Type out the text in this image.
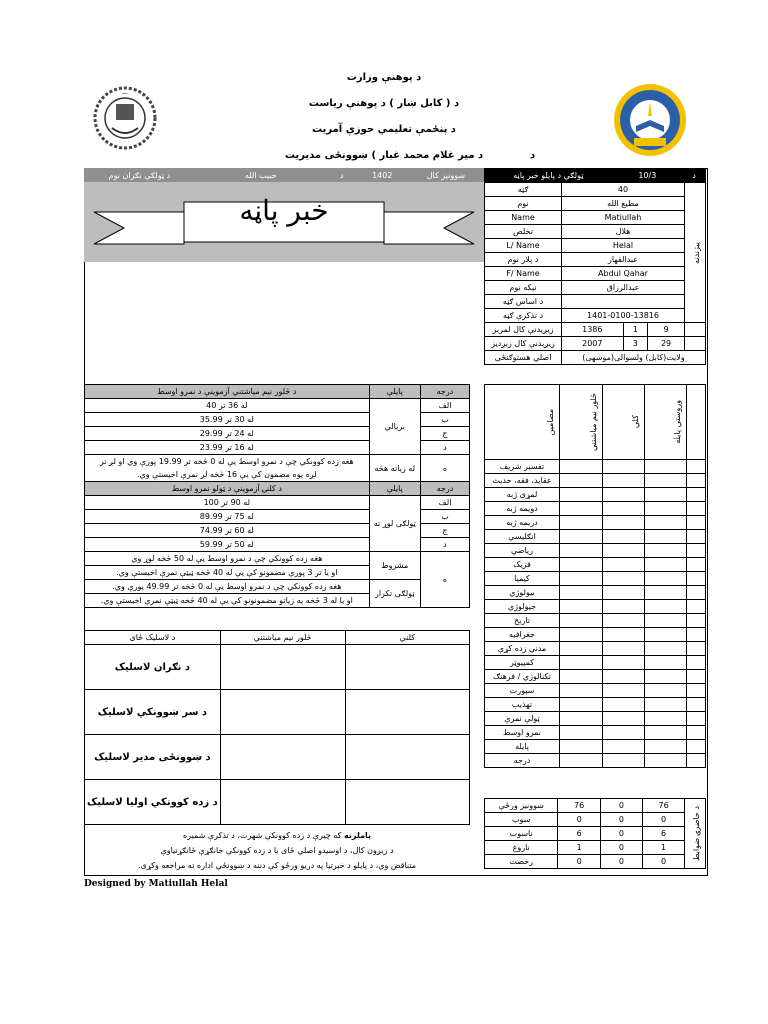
د پوهنې وزارت
د ( کابل ښار ) د پوهنې رياست
د پنځمې تعليمي حوزې آمريت
د مير غلام محمد غبار ) ښوونځی مديريت	د
ـــ
د ټولګې نګران نوم	حبيب الله	د	1402	ښوونيز کال
خبر پاڼه
ټولګي د پايلو خبر پاڼه	10/3	د
ګڼه	40			پيژندنه

نوم	مطيع الله			
Name	Matiullah			
تخلص	هلال			
L/ Name	Helal			
د پلار نوم	عبدالقهار			
F/ Name	Abdul Qahar			
نيکه نوم	عبدالرزاق			
د اساس ګڼه				
د تذکرې ګڼه	1401-0100-13816			
زيږيدنې کال لمريز	1386	1	9	
زيږيدنې کال زيږديز	2007	3	29	
اصلي هستوګنځی	ولايت(کابل) ولسوالی(موسهی)			
مضامين	څلور نيم مياشتني	کلي	وروستي پايله	

تفسير شريف				
عقايد، فقه، حديث				
لمړی ژبه				
دويمه ژبه				
دريمه ژبه				
انګليسي				
رياضي				
فزيک				
کيميا				
بيولوژي				
جيولوژي				
تاريخ				
جغرافيه				
مدني زده کړې				
کمپيوټر				
تکنالوژي / فرهنګ				
سپورت				
تهذيب				
ټولې نمرې				
نمرو اوسط				
پايله				
درجه				
ښوونيز ورځې	76	0	76	د حاضرۍ ضوابط

سوب	0	0	0	
ناسوب	6	0	6	
ناروغ	1	0	1	
رخصت	0	0	0	
د څلور نيم مياشتني آزموينې د نمرو اوسط	پايلې	درجه
له 36 تر 40	بريالي	الف
له 30 تر 35.99		ب
له 24 تر 29.99		ج
له 16 تر 23.99		د

هغه زده کوونکي چې د نمرو اوسط يې له 0 څخه تر 19.99 پورې وي او لږ تر
لږه يوه مضمون کې يې 16 څخه لږ نمرې اخيستې وي.	له زياته هڅه	ه
د کلنۍ آزموينې د ټولو نمرو اوسط	پايلې	درجه
له 90 تر 100	ټولګی لوړ ته	الف
له 75 تر 89.99		ب
له 60 تر 74.99		ج
له 50 تر 59.99		د
هغه زده کوونکي چې د نمرو اوسط يې له 50 څخه لوړ وي	مشروط	ه
او يا تر 3 پورې مضمونو کې يې له 40 څخه ټيټې نمرې اخيستې وي.		
هغه زده کوونکي چې د نمرو اوسط يې له 0 څخه تر 49.99 پورې وي.	ټولګی تکرار	
او يا له 3 څخه په زياتو مضمونونو کې يې له 40 څخه ټيټې نمرې اخيستې وي.		
د لاسليک ځای	څلور نيم مياشتني	کلني
د نګران لاسليک		
د سر ښوونکي لاسليک		
د ښوونځی مدير لاسليک		
د زده کوونکي اوليا لاسليک		
پاملرنه که چيرې د زده کوونکي شهرت، د تذکرې شميره
د زيږون کال، د اوسيدو اصلي ځای يا د زده کوونکي خانګړې ځانګړتياوې
متناقض وي، د پايلو د خبرتيا په دريو ورځو کې دننه د ښوونځي اداره ته مراجعه وکړی.
Designed by Matiullah Helal
